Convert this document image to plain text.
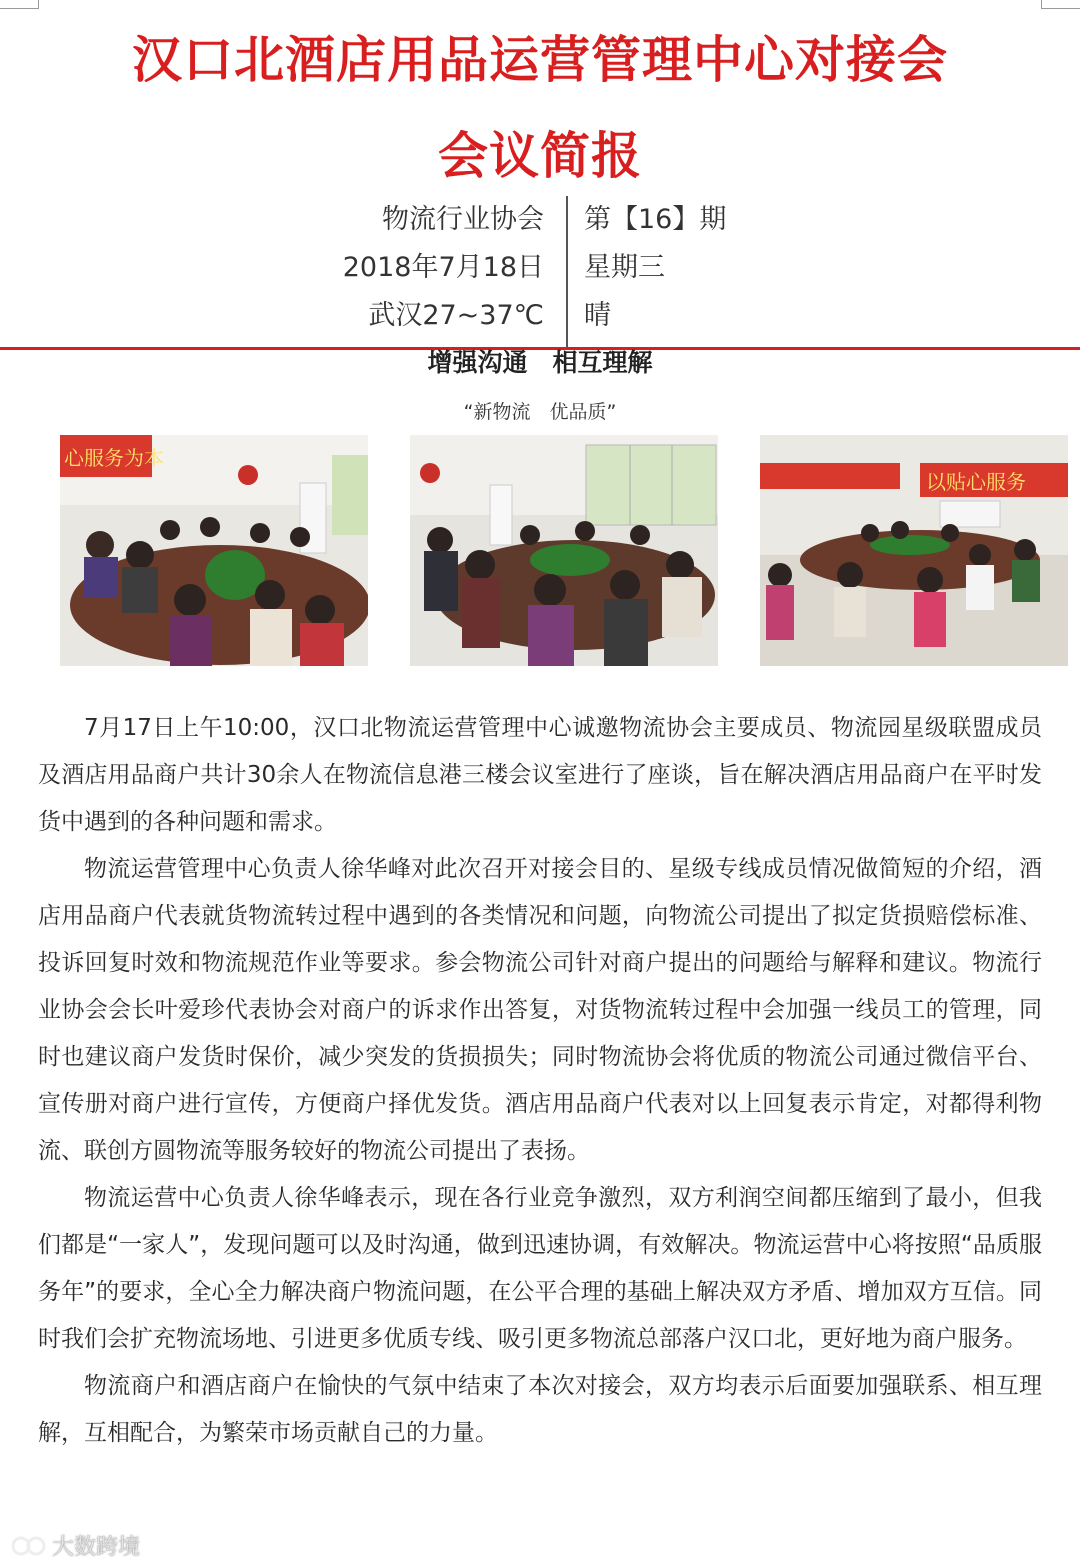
汉口北酒店用品运营管理中心对接会
会议简报
物流行业协会
2018年7月18日
武汉27~37℃
第【16】期
星期三
晴
增强沟通　相互理解
“新物流　优品质”
心服务为本
以贴心服务

7月17日上午10:00，汉口北物流运营管理中心诚邀物流协会主要成员、物流园星级联盟成员及酒店用品商户共计30余人在物流信息港三楼会议室进行了座谈，旨在解决酒店用品商户在平时发货中遇到的各种问题和需求。

物流运营管理中心负责人徐华峰对此次召开对接会目的、星级专线成员情况做简短的介绍，酒店用品商户代表就货物流转过程中遇到的各类情况和问题，向物流公司提出了拟定货损赔偿标准、投诉回复时效和物流规范作业等要求。参会物流公司针对商户提出的问题给与解释和建议。物流行业协会会长叶爱珍代表协会对商户的诉求作出答复，对货物流转过程中会加强一线员工的管理，同时也建议商户发货时保价，减少突发的货损损失；同时物流协会将优质的物流公司通过微信平台、宣传册对商户进行宣传，方便商户择优发货。酒店用品商户代表对以上回复表示肯定，对都得利物流、联创方圆物流等服务较好的物流公司提出了表扬。

物流运营中心负责人徐华峰表示，现在各行业竞争激烈，双方利润空间都压缩到了最小，但我们都是“一家人”，发现问题可以及时沟通，做到迅速协调，有效解决。物流运营中心将按照“品质服务年”的要求，全心全力解决商户物流问题，在公平合理的基础上解决双方矛盾、增加双方互信。同时我们会扩充物流场地、引进更多优质专线、吸引更多物流总部落户汉口北，更好地为商户服务。

物流商户和酒店商户在愉快的气氛中结束了本次对接会，双方均表示后面要加强联系、相互理解，互相配合，为繁荣市场贡献自己的力量。

大数跨境
